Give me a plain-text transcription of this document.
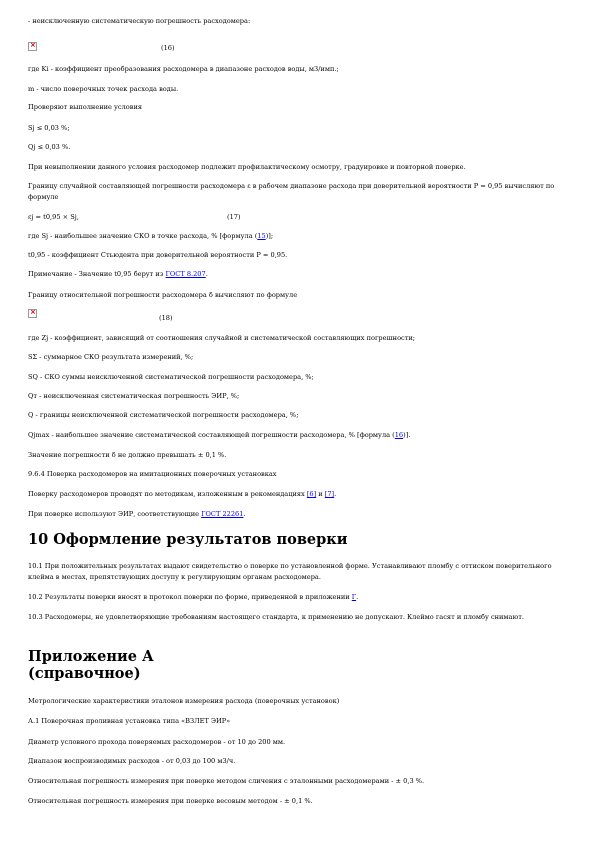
- неисключенную систематическую погрешность расходомера:
×	(16)
где Ki - коэффициент преобразования расходомера в диапазоне расходов воды, м3/имп.;
m - число поверочных точек расхода воды.
Проверяют выполнение условия
Sj ≤ 0,03 %;
Qj ≤ 0,03 %.
При невыполнении данного условия расходомер подлежит профилактическому осмотру, градуировке и повторной поверке.
Границу случайной составляющей погрешности расходомера ε в рабочем диапазоне расхода при доверительной вероятности P = 0,95 вычисляют по формуле
εj = t0,95 × Sj,	(17)
где Sj - наибольшее значение СКО в точке расхода, % [формула (15)];
t0,95 - коэффициент Стьюдента при доверительной вероятности P = 0,95.
Примечание - Значение t0,95 берут из ГОСТ 8.207.
Границу относительной погрешности расходомера δ вычисляют по формуле
×
(18)
где Zj - коэффициент, зависящий от соотношения случайной и систематической составляющих погрешности;
SΣ - суммарное СКО результата измерений, %;
SQ - СКО суммы неисключенной систематической погрешности расходомера, %;
Qт - неисключенная систематическая погрешность ЭИР, %;
Q - границы неисключенной систематической погрешности расходомера, %;
Qjmax - наибольшее значение систематической составляющей погрешности расходомера, % [формула (16)].
Значение погрешности δ не должно превышать ± 0,1 %.
9.6.4 Поверка расходомеров на имитационных поверочных установках
Поверку расходомеров проводят по методикам, изложенным в рекомендациях [6] и [7].
При поверке используют ЭИР, соответствующие ГОСТ 22261.
10 Оформление результатов поверки
10.1 При положительных результатах выдают свидетельство о поверке по установленной форме. Устанавливают пломбу с оттиском поверительного клейма в местах, препятствующих доступу к регулирующим органам расходомера.
10.2 Результаты поверки вносят в протокол поверки по форме, приведенной в приложении Г.
10.3 Расходомеры, не удовлетворяющие требованиям настоящего стандарта, к применению не допускают. Клеймо гасят и пломбу снимают.
Приложение А
(справочное)
Метрологические характеристики эталонов измерения расхода (поверочных установок)
А.1 Поверочная проливная установка типа «ВЗЛЕТ ЭИР»
Диаметр условного прохода поверяемых расходомеров - от 10 до 200 мм.
Диапазон воспроизводимых расходов - от 0,03 до 100 м3/ч.
Относительная погрешность измерения при поверке методом сличения с эталонными расходомерами - ± 0,3 %.
Относительная погрешность измерения при поверке весовым методом - ± 0,1 %.
